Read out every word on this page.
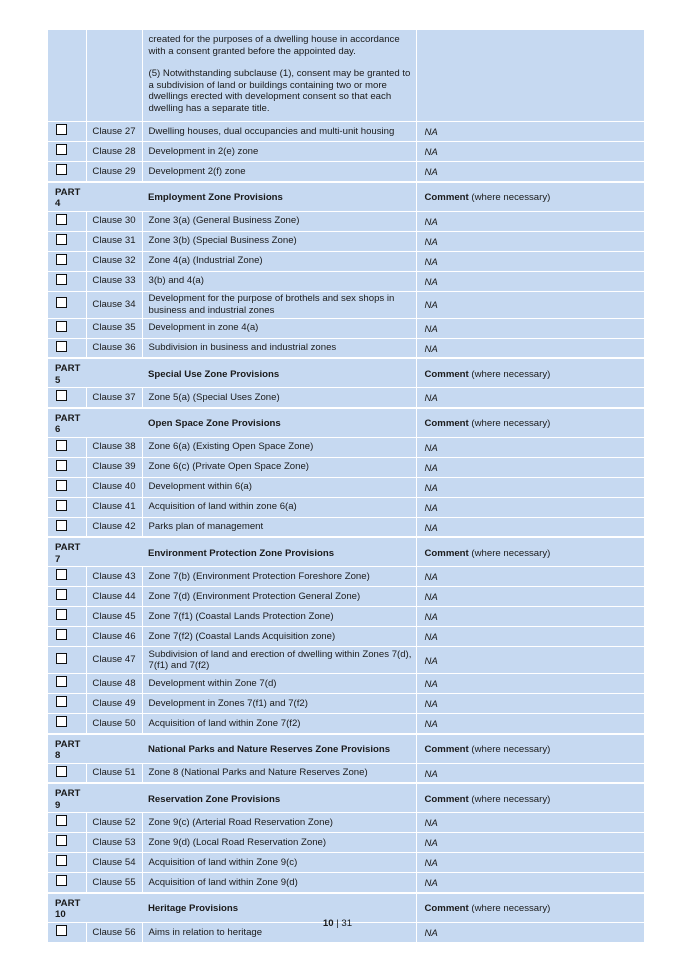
		created for the purposes of a dwelling house in accordance with a consent granted before the appointed day.

(5) Notwithstanding subclause (1), consent may be granted to a subdivision of land or buildings containing two or more dwellings erected with development consent so that each dwelling has a separate title.	

	Clause 27	Dwelling houses, dual occupancies and multi-unit housing	NA
	Clause 28	Development in 2(e) zone	NA
	Clause 29	Development 2(f) zone	NA
PART 4		Employment Zone Provisions	Comment (where necessary)
	Clause 30	Zone 3(a) (General Business Zone)	NA
	Clause 31	Zone 3(b) (Special Business Zone)	NA
	Clause 32	Zone 4(a) (Industrial Zone)	NA
	Clause 33	3(b) and 4(a)	NA
	Clause 34	Development for the purpose of brothels and sex shops in business and industrial zones	NA
	Clause 35	Development in zone 4(a)	NA
	Clause 36	Subdivision in business and industrial zones	NA
PART 5		Special Use Zone Provisions	Comment (where necessary)
	Clause 37	Zone 5(a) (Special Uses Zone)	NA
PART 6		Open Space Zone Provisions	Comment (where necessary)
	Clause 38	Zone 6(a) (Existing Open Space Zone)	NA
	Clause 39	Zone 6(c) (Private Open Space Zone)	NA
	Clause 40	Development within 6(a)	NA
	Clause 41	Acquisition of land within zone 6(a)	NA
	Clause 42	Parks plan of management	NA
PART 7		Environment Protection Zone Provisions	Comment (where necessary)
	Clause 43	Zone 7(b) (Environment Protection Foreshore Zone)	NA
	Clause 44	Zone 7(d) (Environment Protection General Zone)	NA
	Clause 45	Zone 7(f1) (Coastal Lands Protection Zone)	NA
	Clause 46	Zone 7(f2) (Coastal Lands Acquisition zone)	NA
	Clause 47	Subdivision of land and erection of dwelling within Zones 7(d), 7(f1) and 7(f2)	NA
	Clause 48	Development within Zone 7(d)	NA
	Clause 49	Development in Zones 7(f1) and 7(f2)	NA
	Clause 50	Acquisition of land within Zone 7(f2)	NA
PART 8		National Parks and Nature Reserves Zone Provisions	Comment (where necessary)
	Clause 51	Zone 8 (National Parks and Nature Reserves Zone)	NA
PART 9		Reservation Zone Provisions	Comment (where necessary)
	Clause 52	Zone 9(c) (Arterial Road Reservation Zone)	NA
	Clause 53	Zone 9(d) (Local Road Reservation Zone)	NA
	Clause 54	Acquisition of land within Zone 9(c)	NA
	Clause 55	Acquisition of land within Zone 9(d)	NA
PART 10		Heritage Provisions	Comment (where necessary)
	Clause 56	Aims in relation to heritage	NA
10 | 31
